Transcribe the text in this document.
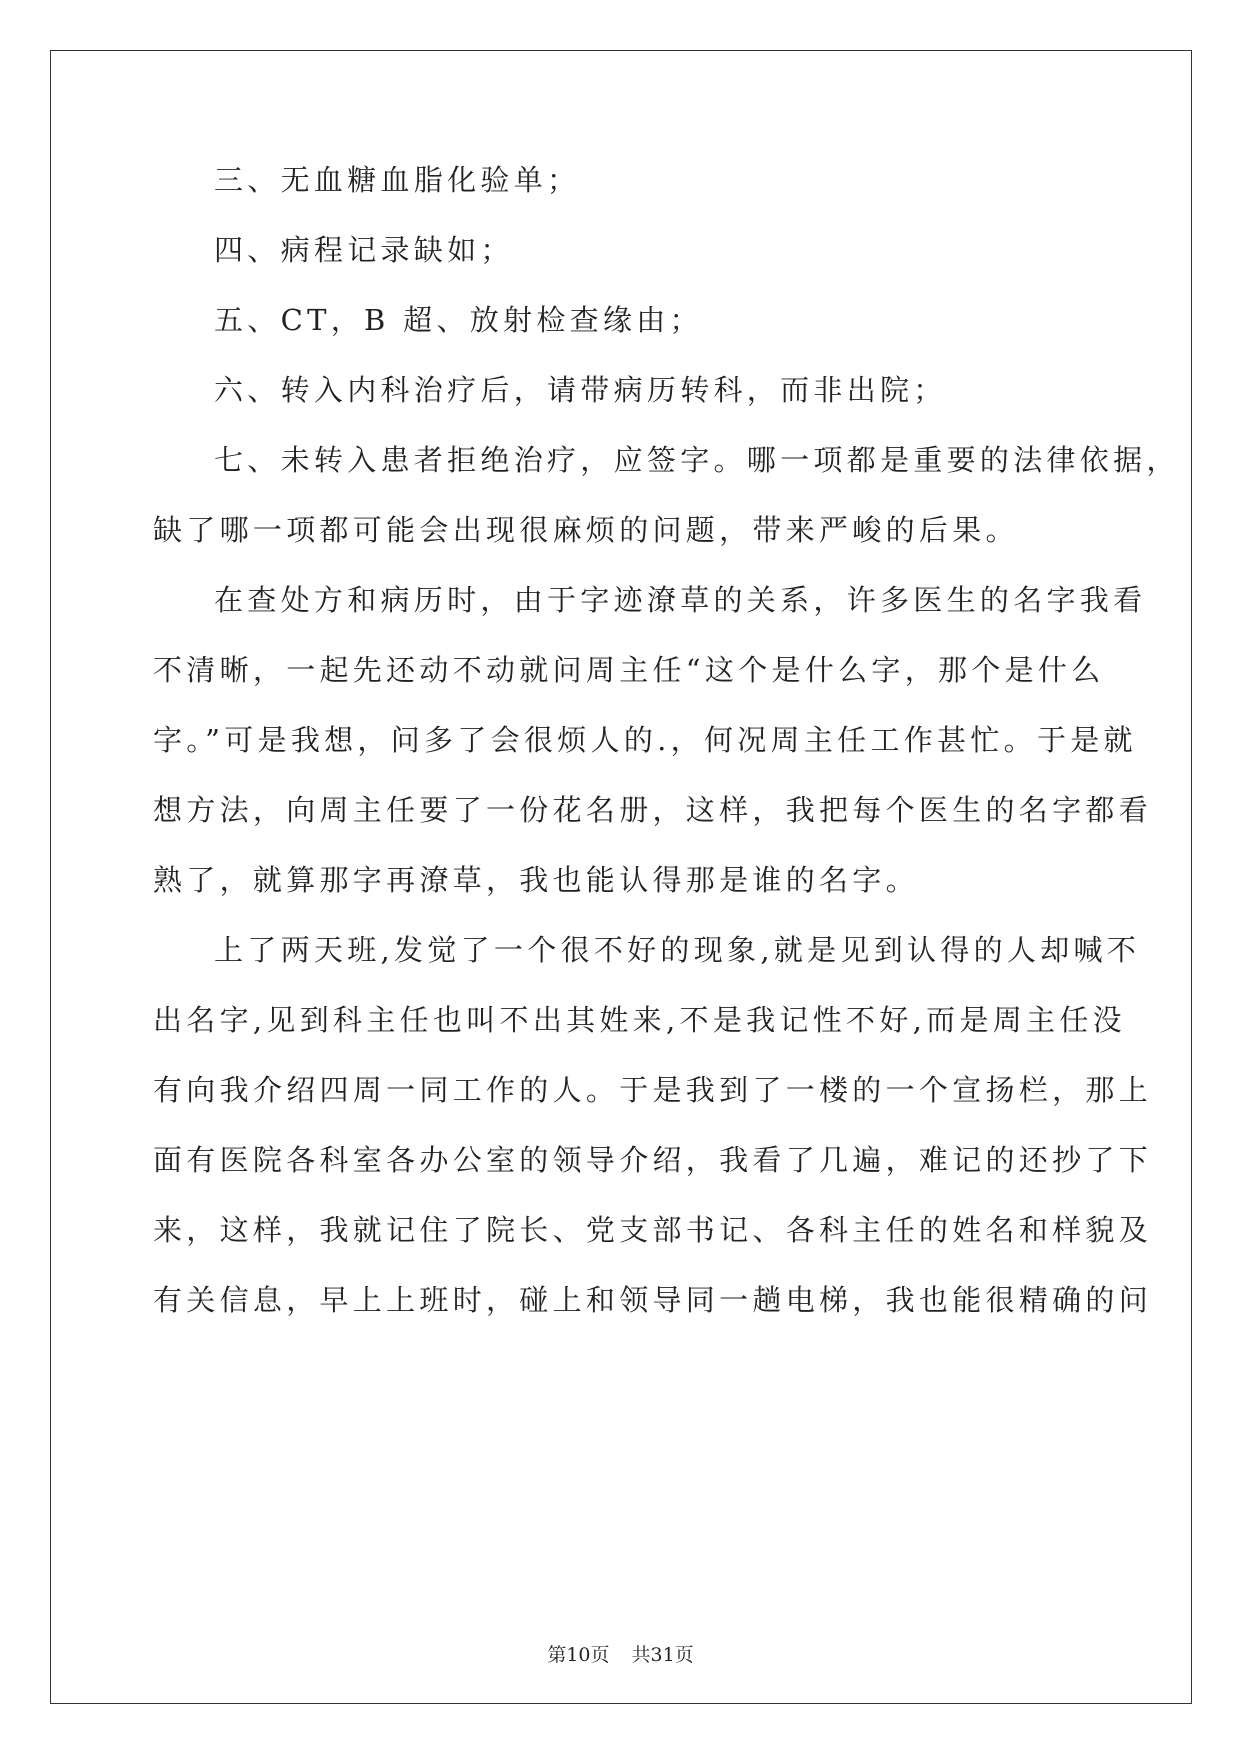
三、无血糖血脂化验单；
四、病程记录缺如；
五、CT，B 超、放射检查缘由；
六、转入内科治疗后，请带病历转科，而非出院；
七、未转入患者拒绝治疗，应签字。哪一项都是重要的法律依据，
缺了哪一项都可能会出现很麻烦的问题，带来严峻的后果。
在查处方和病历时，由于字迹潦草的关系，许多医生的名字我看
不清晰，一起先还动不动就问周主任“这个是什么字，那个是什么
字。”可是我想，问多了会很烦人的.，何况周主任工作甚忙。于是就
想方法，向周主任要了一份花名册，这样，我把每个医生的名字都看
熟了，就算那字再潦草，我也能认得那是谁的名字。
上了两天班,发觉了一个很不好的现象,就是见到认得的人却喊不
出名字,见到科主任也叫不出其姓来,不是我记性不好,而是周主任没
有向我介绍四周一同工作的人。于是我到了一楼的一个宣扬栏，那上
面有医院各科室各办公室的领导介绍，我看了几遍，难记的还抄了下
来，这样，我就记住了院长、党支部书记、各科主任的姓名和样貌及
有关信息，早上上班时，碰上和领导同一趟电梯，我也能很精确的问
第10页 共31页
